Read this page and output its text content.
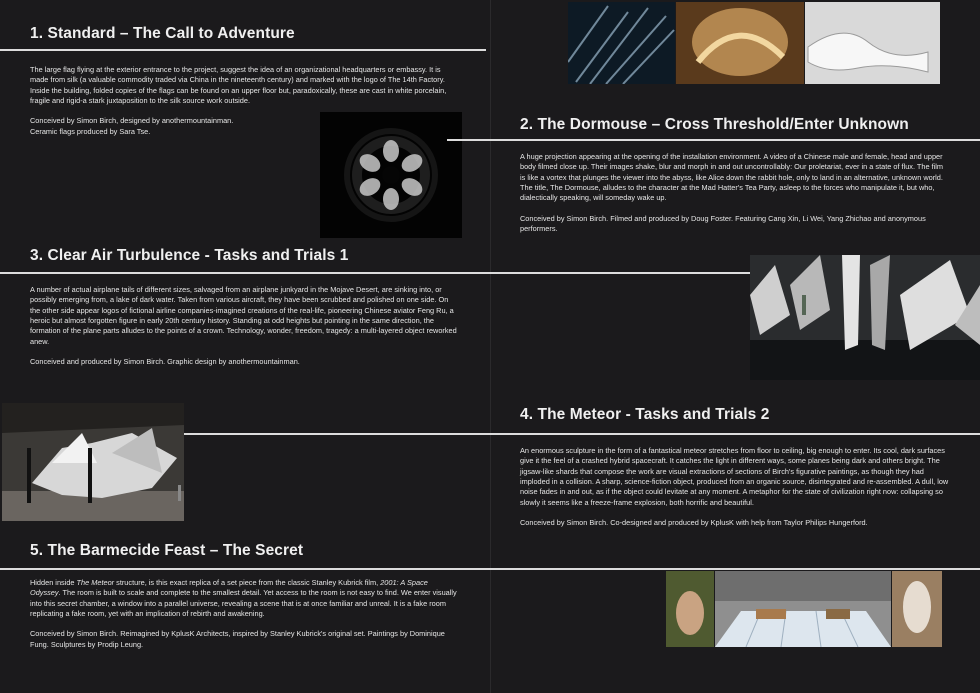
1. Standard – The Call to Adventure

The large flag flying at the exterior entrance to the project, suggest the idea of an organizational headquarters or embassy. It is made from silk (a valuable commodity traded via China in the nineteenth century) and marked with the logo of The 14th Factory. Inside the building, folded copies of the flags can be found on an upper floor but, paradoxically, these are cast in white porcelain, fragile and rigid-a stark juxtaposition to the silk source work outside.

Conceived by Simon Birch, designed by anothermountainman.
Ceramic flags produced by Sara Tse.	2. The Dormouse – Cross Threshold/Enter Unknown

A huge projection appearing at the opening of the installation environment. A video of a Chinese male and female, head and upper body filmed close up. Their images shake, blur and morph in and out uncontrollably: Our proletariat, ever in a state of flux. The film is like a vortex that plunges the viewer into the abyss, like Alice down the rabbit hole, only to land in an alternative, unknown world. The title, The Dormouse, alludes to the character at the Mad Hatter's Tea Party, asleep to the forces who manipulate it, but who, dialectically speaking, will someday wake up.

Conceived by Simon Birch. Filmed and produced by Doug Foster. Featuring Cang Xin, Li Wei, Yang Zhichao and anonymous performers.

3. Clear Air Turbulence - Tasks and Trials 1

A number of actual airplane tails of different sizes, salvaged from an airplane junkyard in the Mojave Desert, are sinking into, or possibly emerging from, a lake of dark water. Taken from various aircraft, they have been scrubbed and polished on one side. On the other side appear logos of fictional airline companies-imagined creations of the real-life, pioneering Chinese aviator Feng Ru, a heroic but almost forgotten figure in early 20th century history. Standing at odd heights but pointing in the same direction, the formation of the plane parts alludes to the points of a crown. Technology, wonder, freedom, tragedy: a multi-layered object reworked anew.

Conceived and produced by Simon Birch. Graphic design by anothermountainman.

4. The Meteor - Tasks and Trials 2

An enormous sculpture in the form of a fantastical meteor stretches from floor to ceiling, big enough to enter. Its cool, dark surfaces give it the feel of a crashed hybrid spacecraft. It catches the light in different ways, some planes being dark and others bright. The jigsaw-like shards that compose the work are visual extractions of sections of Birch's figurative paintings, as though they had imploded in a collision. A sharp, science-fiction object, produced from an organic source, disintegrated and re-assembled. A dull, low noise fades in and out, as if the object could levitate at any moment. A metaphor for the state of civilization right now: collapsing so slowly it seems like a freeze-frame explosion, both horrific and beautiful.

Conceived by Simon Birch. Co-designed and produced by KplusK with help from Taylor Philips Hungerford.

5. The Barmecide Feast – The Secret

Hidden inside The Meteor structure, is this exact replica of a set piece from the classic Stanley Kubrick film, 2001: A Space Odyssey. The room is built to scale and complete to the smallest detail. Yet access to the room is not easy to find. We enter visually into this secret chamber, a window into a parallel universe, revealing a scene that is at once familiar and unreal. It is a fake room replicating a fake room, yet with an implication of rebirth and awakening.

Conceived by Simon Birch. Reimagined by KplusK Architects, inspired by Stanley Kubrick's original set. Paintings by Dominique Fung. Sculptures by Prodip Leung.
